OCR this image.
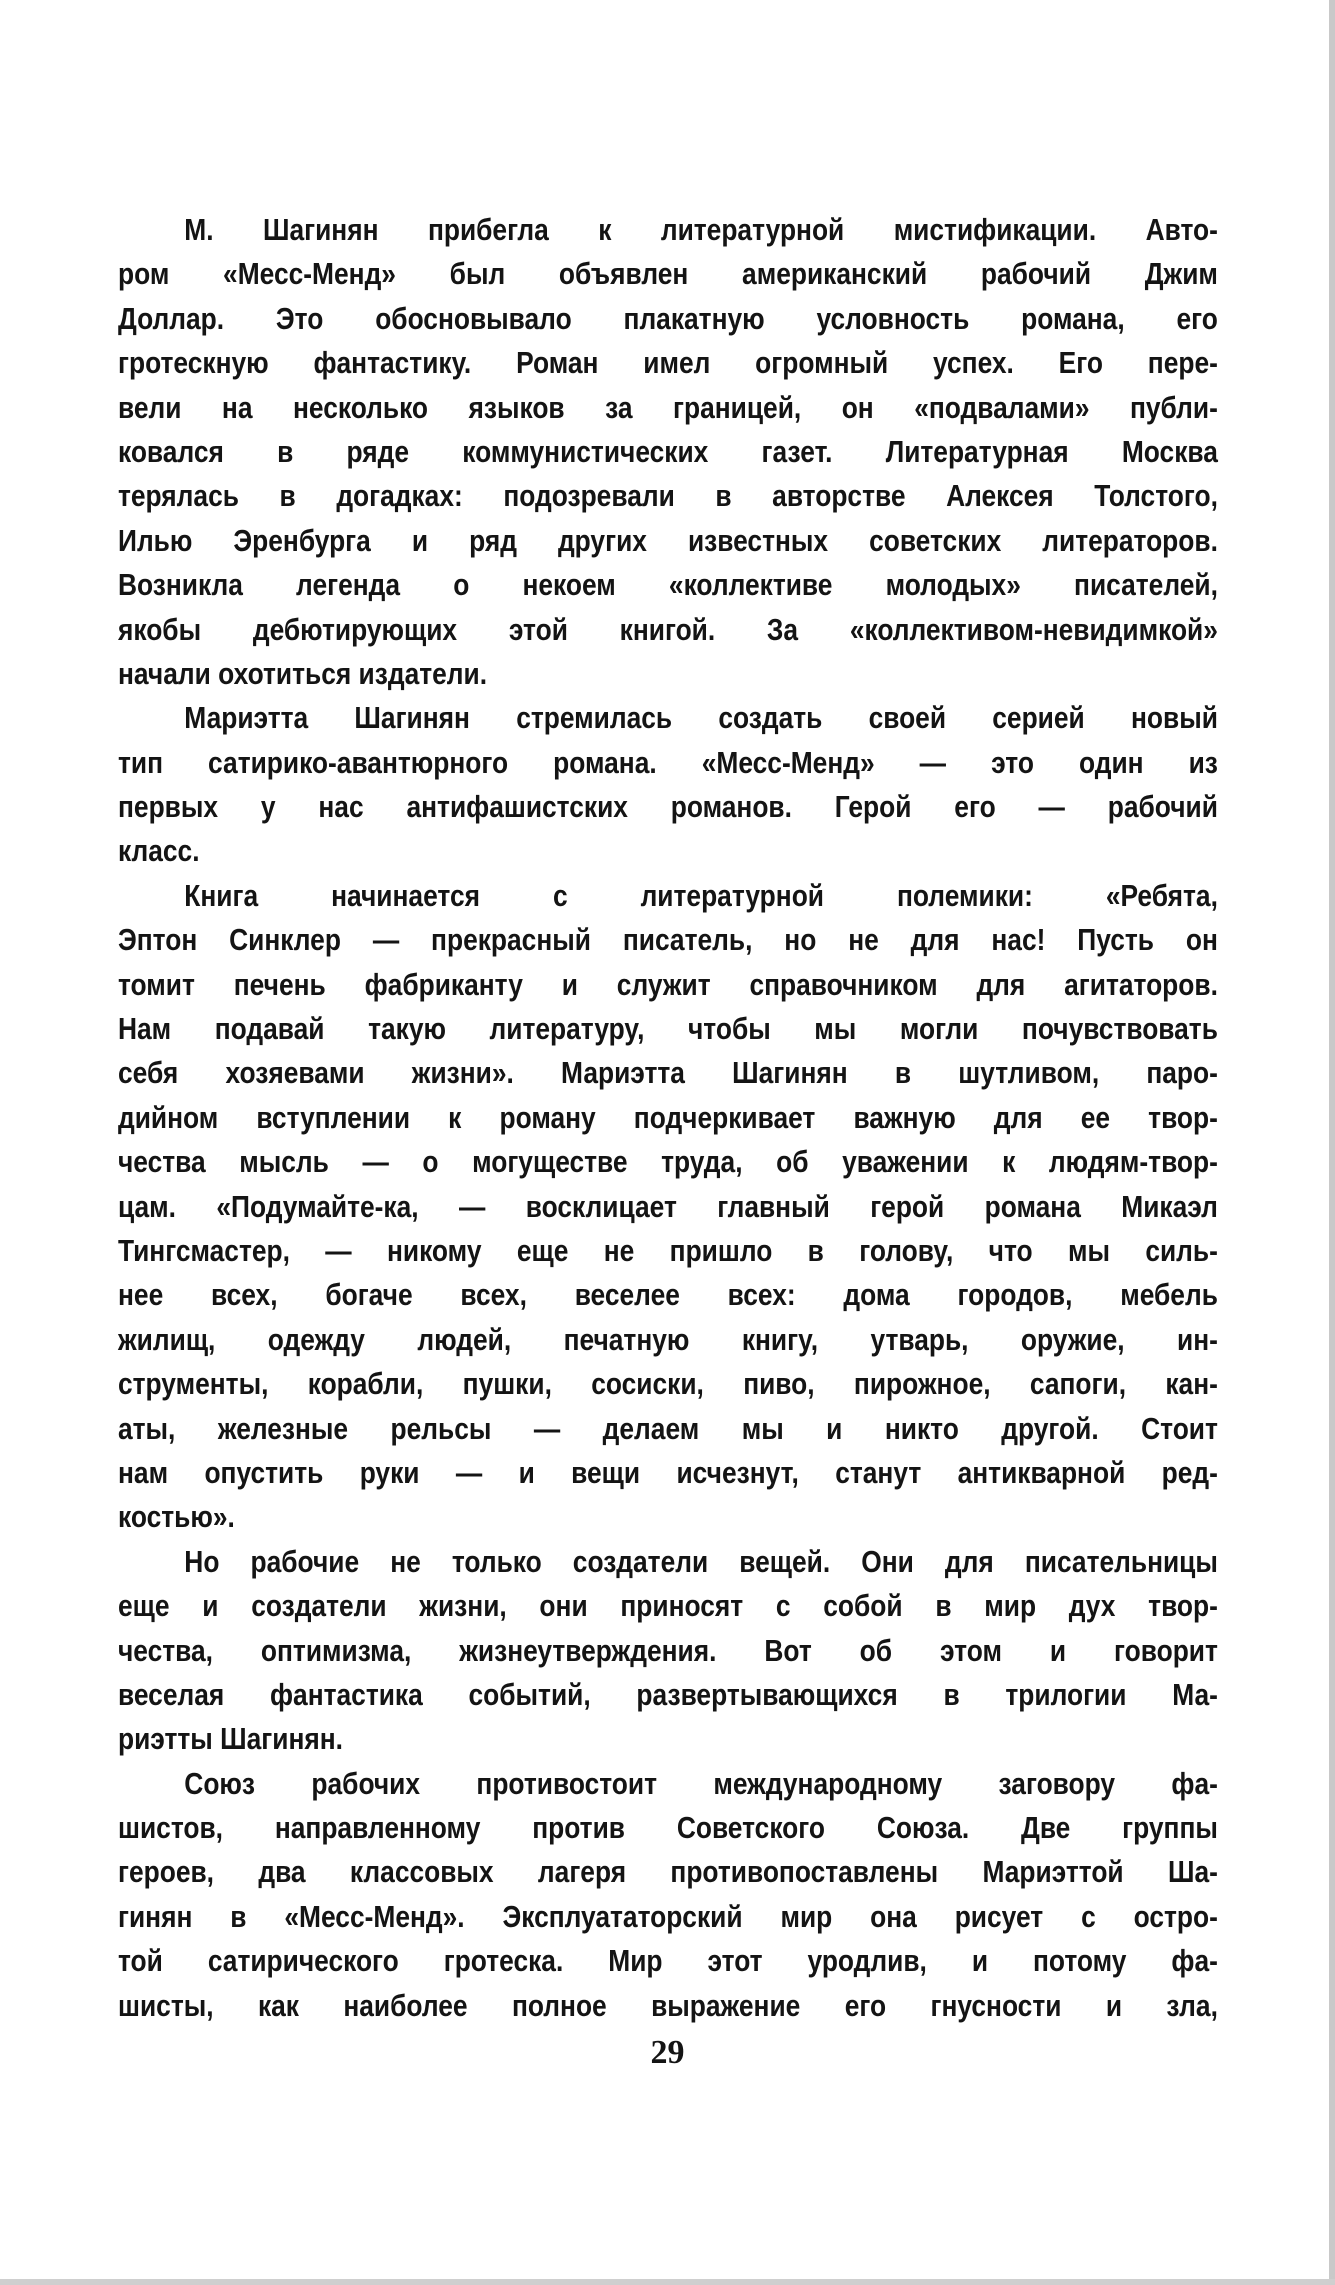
М. Шагинян прибегла к литературной мистификации. Авто-
ром «Месс-Менд» был объявлен американский рабочий Джим
Доллар. Это обосновывало плакатную условность романа, его
гротескную фантастику. Роман имел огромный успех. Его пере-
вели на несколько языков за границей, он «подвалами» публи-
ковался в ряде коммунистических газет. Литературная Москва
терялась в догадках: подозревали в авторстве Алексея Толстого,
Илью Эренбурга и ряд других известных советских литераторов.
Возникла легенда о некоем «коллективе молодых» писателей,
якобы дебютирующих этой книгой. За «коллективом-невидимкой»
начали охотиться издатели.
Мариэтта Шагинян стремилась создать своей серией новый
тип сатирико-авантюрного романа. «Месс-Менд» — это один из
первых у нас антифашистских романов. Герой его — рабочий
класс.
Книга начинается с литературной полемики: «Ребята,
Эптон Синклер — прекрасный писатель, но не для нас! Пусть он
томит печень фабриканту и служит справочником для агитаторов.
Нам подавай такую литературу, чтобы мы могли почувствовать
себя хозяевами жизни». Мариэтта Шагинян в шутливом, паро-
дийном вступлении к роману подчеркивает важную для ее твор-
чества мысль — о могуществе труда, об уважении к людям-твор-
цам. «Подумайте-ка, — восклицает главный герой романа Микаэл
Тингсмастер, — никому еще не пришло в голову, что мы силь-
нее всех, богаче всех, веселее всех: дома городов, мебель
жилищ, одежду людей, печатную книгу, утварь, оружие, ин-
струменты, корабли, пушки, сосиски, пиво, пирожное, сапоги, кан-
аты, железные рельсы — делаем мы и никто другой. Стоит
нам опустить руки — и вещи исчезнут, станут антикварной ред-
костью».
Но рабочие не только создатели вещей. Они для писательницы
еще и создатели жизни, они приносят с собой в мир дух твор-
чества, оптимизма, жизнеутверждения. Вот об этом и говорит
веселая фантастика событий, развертывающихся в трилогии Ма-
риэтты Шагинян.
Союз рабочих противостоит международному заговору фа-
шистов, направленному против Советского Союза. Две группы
героев, два классовых лагеря противопоставлены Мариэттой Ша-
гинян в «Месс-Менд». Эксплуататорский мир она рисует с остро-
той сатирического гротеска. Мир этот уродлив, и потому фа-
шисты, как наиболее полное выражение его гнусности и зла,
29
